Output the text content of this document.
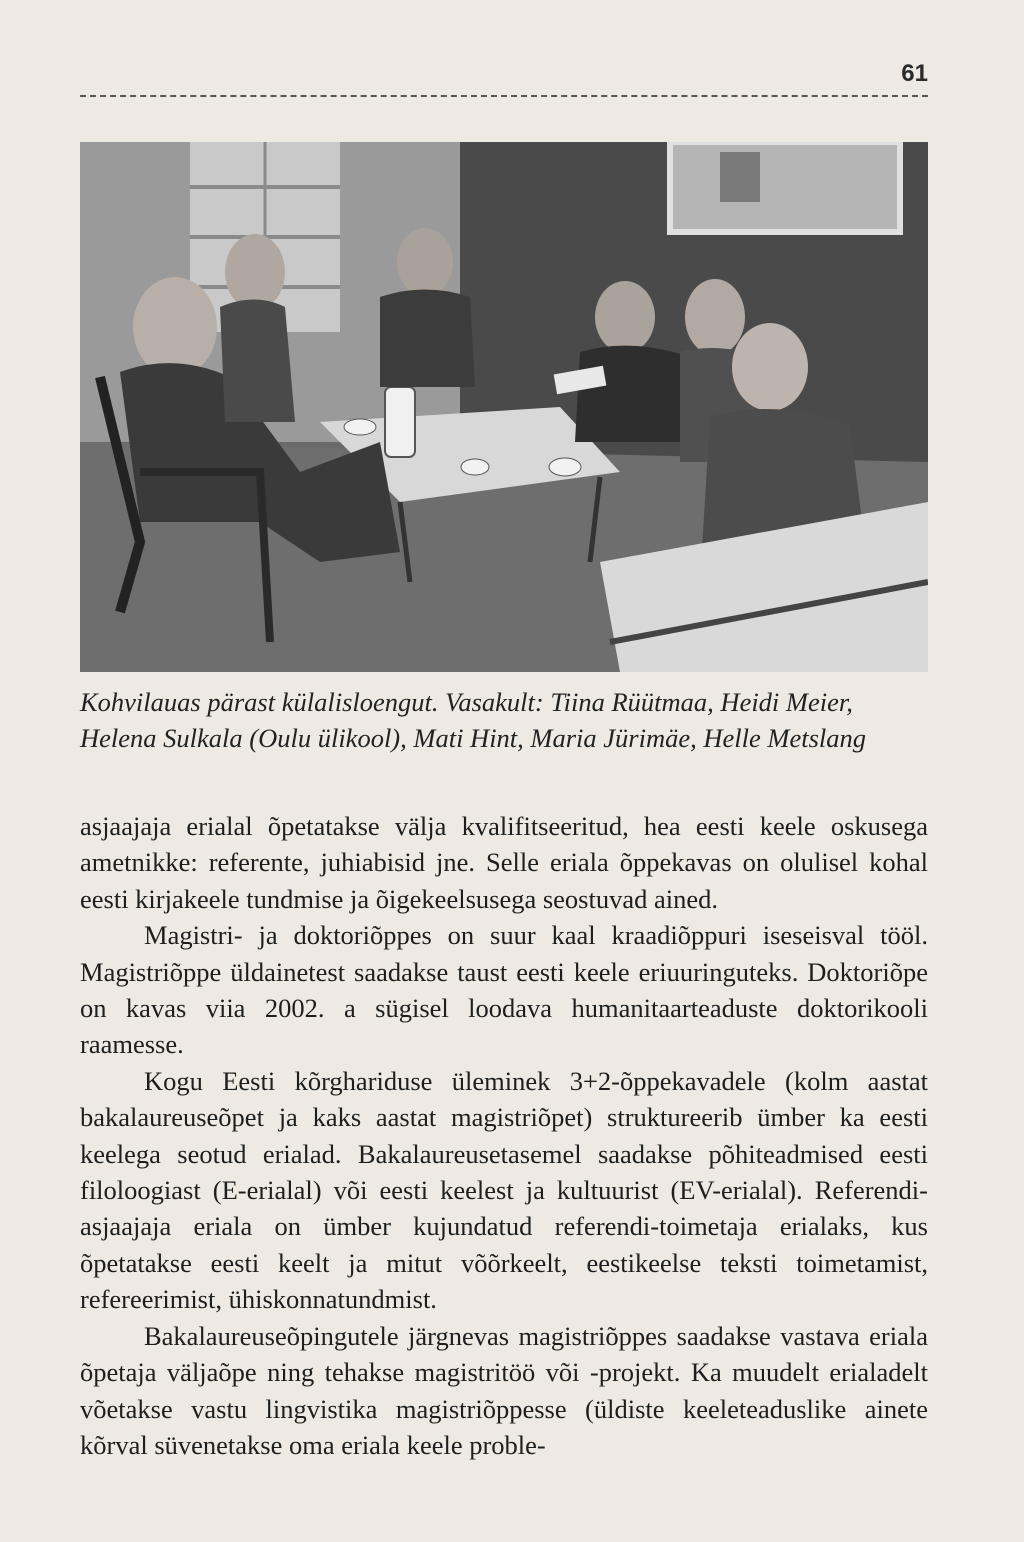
61
Kohvilauas pärast külalisloengut. Vasakult: Tiina Rüütmaa, Heidi Meier,
Helena Sulkala (Oulu ülikool), Mati Hint, Maria Jürimäe, Helle Metslang

asjaajaja erialal õpetatakse välja kvalifitseeritud, hea eesti keele oskusega ametnikke: referente, juhiabisid jne. Selle eriala õppekavas on olulisel kohal eesti kirjakeele tundmise ja õigekeelsusega seostuvad ained.

Magistri- ja doktoriõppes on suur kaal kraadiõppuri iseseisval tööl. Magistriõppe üldainetest saadakse taust eesti keele eriuuringuteks. Doktoriõpe on kavas viia 2002. a sügisel loodava humanitaarteaduste doktorikooli raamesse.

Kogu Eesti kõrghariduse üleminek 3+2-õppekavadele (kolm aastat bakalaureuseõpet ja kaks aastat magistriõpet) struktureerib ümber ka eesti keelega seotud erialad. Bakalaureusetasemel saadakse põhiteadmised eesti filoloogiast (E-erialal) või eesti keelest ja kultuurist (EV-erialal). Referendi-asjaajaja eriala on ümber kujundatud referendi-toimetaja erialaks, kus õpetatakse eesti keelt ja mitut võõrkeelt, eestikeelse teksti toimetamist, refereerimist, ühiskonnatundmist.

Bakalaureuseõpingutele järgnevas magistriõppes saadakse vastava eriala õpetaja väljaõpe ning tehakse magistritöö või -projekt. Ka muudelt erialadelt võetakse vastu lingvistika magistriõppesse (üldiste keeleteaduslike ainete kõrval süvenetakse oma eriala keele proble-
